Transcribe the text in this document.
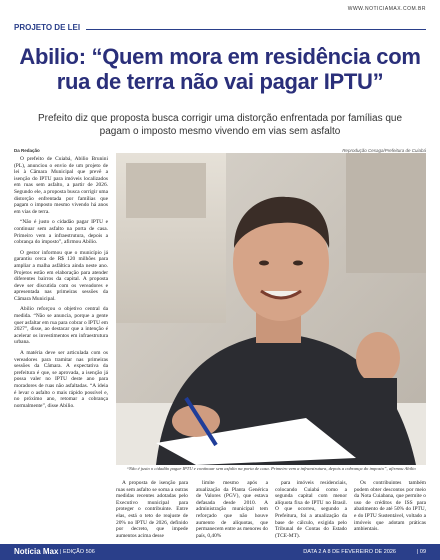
WWW.NOTICIAMAX.COM.BR
PROJETO DE LEI
Abilio: “Quem mora em residência com rua de terra não vai pagar IPTU”
Prefeito diz que proposta busca corrigir uma distorção enfrentada por famílias que pagam o imposto mesmo vivendo em vias sem asfalto
Da Redação	Reprodução Cesaga/Prefeitura de Cuiabá

O prefeito de Cuiabá, Abilio Brunini (PL), anunciou o envio de um projeto de lei à Câmara Municipal que prevê a isenção do IPTU para imóveis localizados em ruas sem asfalto, a partir de 2026. Segundo ele, a proposta busca corrigir uma distorção enfrentada por famílias que pagam o imposto mesmo vivendo há anos em vias de terra.

“Não é justo o cidadão pagar IPTU e continuar sem asfalto na porta de casa. Primeiro vem a infraestrutura, depois a cobrança do imposto”, afirmou Abilio.

O gestor informou que o município já garantiu cerca de R$ 120 milhões para ampliar a malha asfáltica ainda neste ano. Projetos estão em elaboração para atender diferentes bairros da capital. A proposta deve ser discutida com os vereadores e apresentada nas primeiras sessões da Câmara Municipal.

Abilio reforçou o objetivo central da medida. “Não se anuncia, porque a gente quer asfaltar em rua para cobrar o IPTU em 2027”, disse, ao destacar que a intenção é acelerar os investimentos em infraestrutura urbana.

A matéria deve ser articulada com os vereadores para tramitar nas primeiras sessões da Câmara. A expectativa da prefeitura é que, se aprovada, a isenção já possa valer no IPTU deste ano para moradores de ruas não asfaltadas. “A ideia é levar o asfalto o mais rápido possível e, no próximo ano, retomar a cobrança normalmente”, disse Abilio.

“Não é justo o cidadão pagar IPTU e continuar sem asfalto na porta de casa. Primeiro vem a infraestrutura, depois a cobrança do imposto”, afirmou Abilio

A proposta de isenção para ruas sem asfalto se soma a outras medidas recentes adotadas pelo Executivo municipal para proteger o contribuinte. Entre elas, está o teto de reajuste de 20% no IPTU de 2026, definido por decreto, que impede aumentos acima desse

limite mesmo após a atualização da Planta Genérica de Valores (PGV), que estava defasada desde 2010. A administração municipal tem reforçado que não houve aumento de alíquotas, que permanecem entre as menores do país, 0,40%

para imóveis residenciais, colocando Cuiabá como a segunda capital com menor alíquota fixa de IPTU no Brasil. O que ocorreu, segundo a Prefeitura, foi a atualização da base de cálculo, exigida pelo Tribunal de Contas do Estado (TCE-MT).

Os contribuintes também podem obter descontos por meio da Nota Cuiabana, que permite o uso de créditos de ISS para abatimento de até 50% do IPTU, e do IPTU Sustentável, voltado a imóveis que adotam práticas ambientais.

Notícia Max | EDIÇÃO 506	DATA 2 A 8 DE FEVEREIRO DE 2026	| 09
